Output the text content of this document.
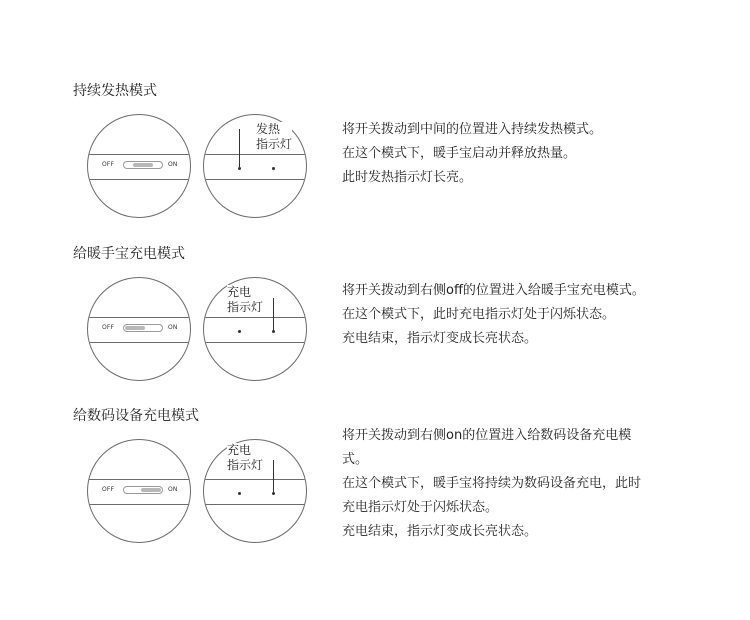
持续发热模式
OFF	ON
发热
指示灯

将开关拨动到中间的位置进入持续发热模式。

在这个模式下，暖手宝启动并释放热量。

此时发热指示灯长亮。

给暖手宝充电模式
OFF	ON
充电
指示灯

将开关拨动到右侧off的位置进入给暖手宝充电模式。

在这个模式下，此时充电指示灯处于闪烁状态。

充电结束，指示灯变成长亮状态。

给数码设备充电模式
OFF	ON
充电
指示灯

将开关拨动到右侧on的位置进入给数码设备充电模

式。

在这个模式下，暖手宝将持续为数码设备充电，此时

充电指示灯处于闪烁状态。

充电结束，指示灯变成长亮状态。
